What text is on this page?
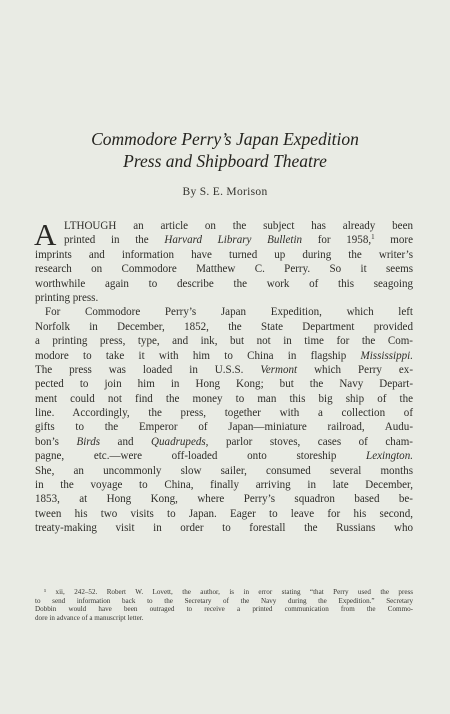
Commodore Perry’s Japan Expedition
Press and Shipboard Theatre
By S. E. Morison
A LTHOUGH an article on the subject has already been
printed in the Harvard Library Bulletin for 1958,$^1$ more
imprints and information have turned up during the writer’s
research on Commodore Matthew C. Perry. So it seems
worthwhile again to describe the work of this seagoing
printing press.
For Commodore Perry’s Japan Expedition, which left
Norfolk in December, 1852, the State Department provided
a printing press, type, and ink, but not in time for the Com-
modore to take it with him to China in flagship Mississippi.
The press was loaded in U.S.S. Vermont which Perry ex-
pected to join him in Hong Kong; but the Navy Depart-
ment could not find the money to man this big ship of the
line. Accordingly, the press, together with a collection of
gifts to the Emperor of Japan—miniature railroad, Audu-
bon’s Birds and Quadrupeds, parlor stoves, cases of cham-
pagne, etc.—were off-loaded onto storeship Lexington.
She, an uncommonly slow sailer, consumed several months
in the voyage to China, finally arriving in late December,
1853, at Hong Kong, where Perry’s squadron based be-
tween his two visits to Japan. Eager to leave for his second,
treaty-making visit in order to forestall the Russians who
¹ xii, 242–52. Robert W. Lovett, the author, is in error stating “that Perry used the press
to send information back to the Secretary of the Navy during the Expedition.” Secretary
Dobbin would have been outraged to receive a printed communication from the Commo-
dore in advance of a manuscript letter.
